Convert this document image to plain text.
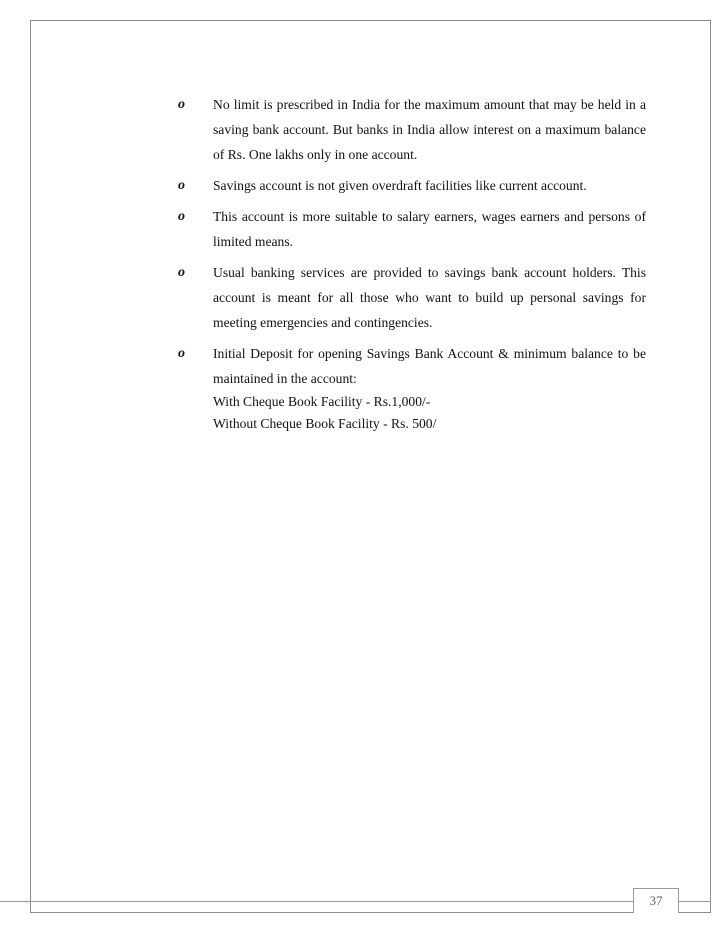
o No limit is prescribed in India for the maximum amount that may be held in a saving bank account. But banks in India allow interest on a maximum balance of Rs. One lakhs only in one account.
o Savings account is not given overdraft facilities like current account.
o This account is more suitable to salary earners, wages earners and persons of limited means.
o Usual banking services are provided to savings bank account holders. This account is meant for all those who want to build up personal savings for meeting emergencies and contingencies.
o Initial Deposit for opening Savings Bank Account & minimum balance to be maintained in the account:
With Cheque Book Facility - Rs.1,000/-
Without Cheque Book Facility - Rs. 500/
37
